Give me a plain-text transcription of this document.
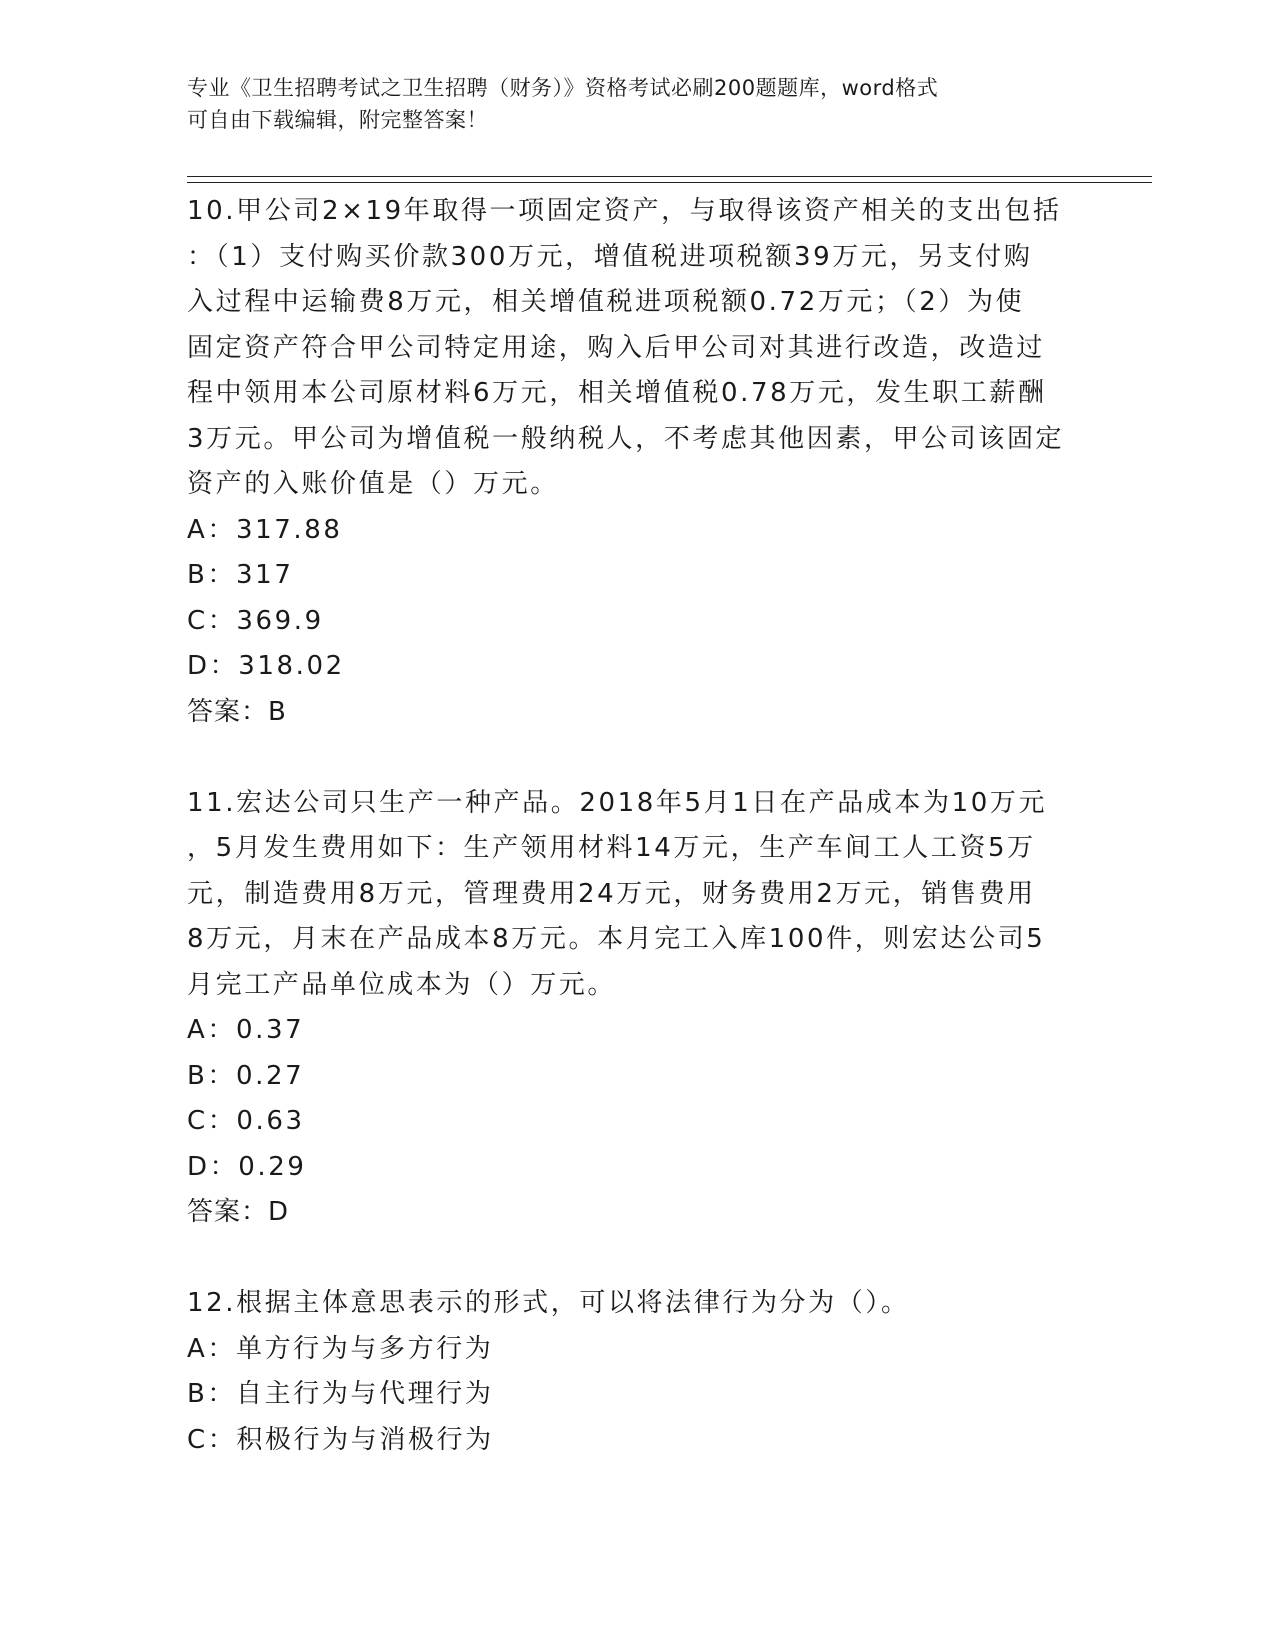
专业《卫生招聘考试之卫生招聘（财务）》资格考试必刷200题题库，word格式
可自由下载编辑，附完整答案！

10.甲公司2×19年取得一项固定资产，与取得该资产相关的支出包括

：（1）支付购买价款300万元，增值税进项税额39万元，另支付购

入过程中运输费8万元，相关增值税进项税额0.72万元；（2）为使

固定资产符合甲公司特定用途，购入后甲公司对其进行改造，改造过

程中领用本公司原材料6万元，相关增值税0.78万元，发生职工薪酬

3万元。甲公司为增值税一般纳税人，不考虑其他因素，甲公司该固定

资产的入账价值是（）万元。

A：317.88

B：317

C：369.9

D：318.02

答案：B

11.宏达公司只生产一种产品。2018年5月1日在产品成本为10万元

，5月发生费用如下：生产领用材料14万元，生产车间工人工资5万

元，制造费用8万元，管理费用24万元，财务费用2万元，销售费用

8万元，月末在产品成本8万元。本月完工入库100件，则宏达公司5

月完工产品单位成本为（）万元。

A：0.37

B：0.27

C：0.63

D：0.29

答案：D

12.根据主体意思表示的形式，可以将法律行为分为（）。

A：单方行为与多方行为

B：自主行为与代理行为

C：积极行为与消极行为
